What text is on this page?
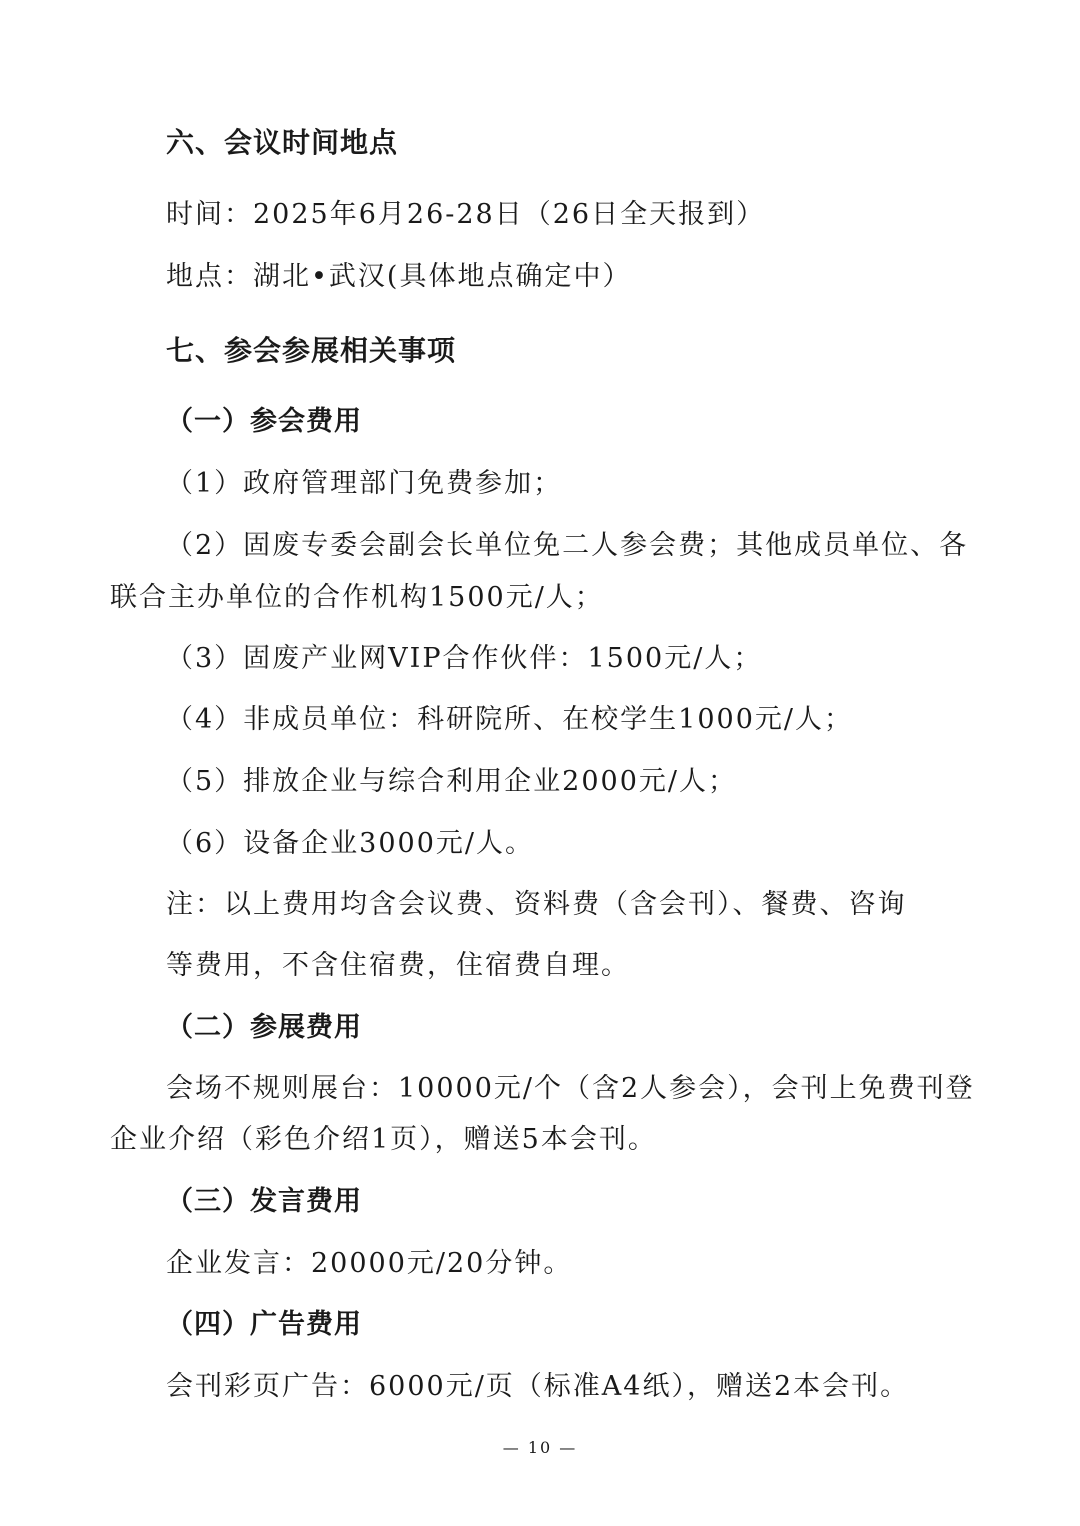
六、会议时间地点
时间：2025年6月26-28日（26日全天报到）
地点：湖北•武汉(具体地点确定中）
七、参会参展相关事项
（一）参会费用
（1）政府管理部门免费参加；
（2）固废专委会副会长单位免二人参会费；其他成员单位、各
联合主办单位的合作机构1500元/人；
（3）固废产业网VIP合作伙伴：1500元/人；
（4）非成员单位：科研院所、在校学生1000元/人；
（5）排放企业与综合利用企业2000元/人；
（6）设备企业3000元/人。
注：以上费用均含会议费、资料费（含会刊）、餐费、咨询
等费用，不含住宿费，住宿费自理。
（二）参展费用
会场不规则展台：10000元/个（含2人参会），会刊上免费刊登
企业介绍（彩色介绍1页），赠送5本会刊。
（三）发言费用
企业发言：20000元/20分钟。
（四）广告费用
会刊彩页广告：6000元/页（标准A4纸），赠送2本会刊。
— 10 —
